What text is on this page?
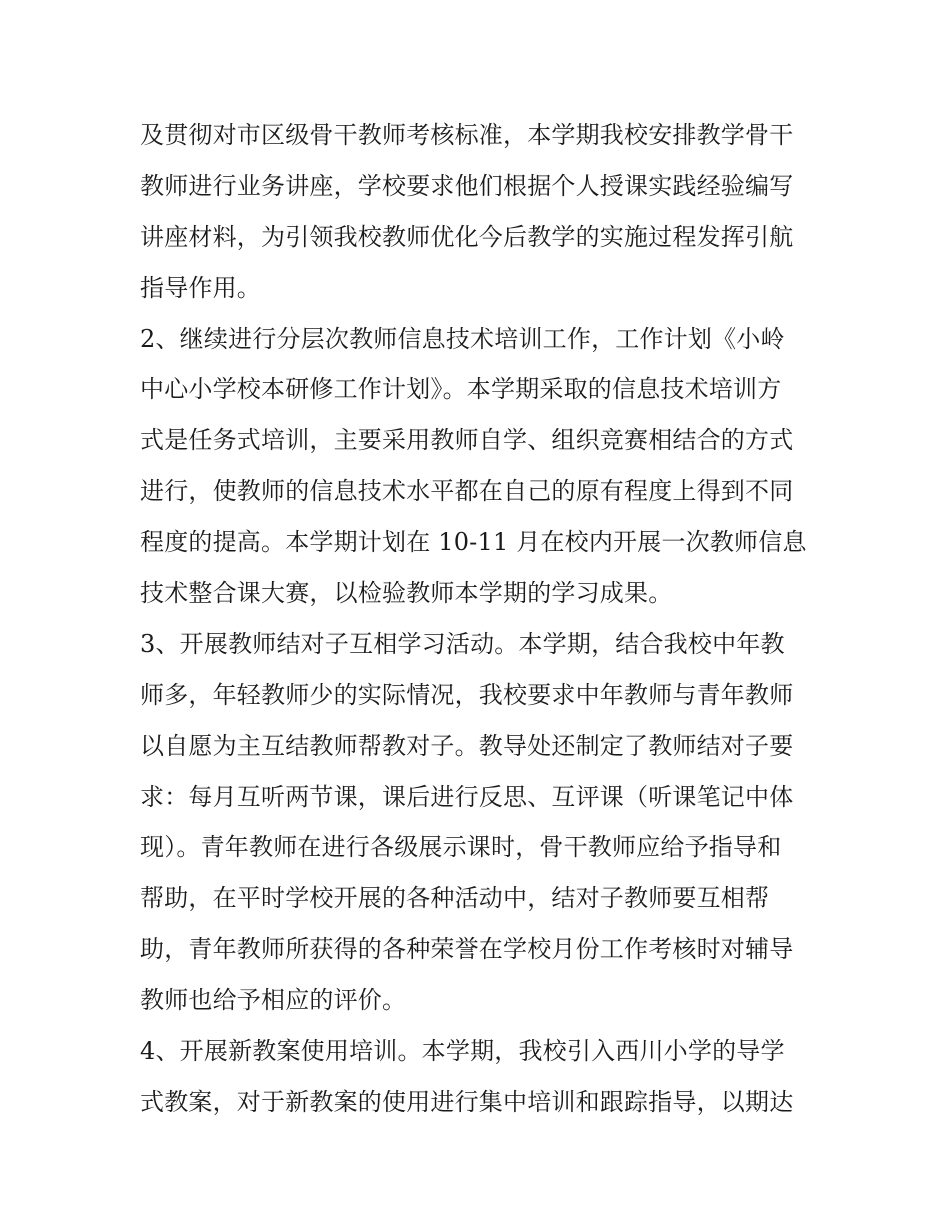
及贯彻对市区级骨干教师考核标准，本学期我校安排教学骨干
教师进行业务讲座，学校要求他们根据个人授课实践经验编写
讲座材料，为引领我校教师优化今后教学的实施过程发挥引航
指导作用。
2、继续进行分层次教师信息技术培训工作，工作计划《小岭
中心小学校本研修工作计划》。本学期采取的信息技术培训方
式是任务式培训，主要采用教师自学、组织竞赛相结合的方式
进行，使教师的信息技术水平都在自己的原有程度上得到不同
程度的提高。本学期计划在 10-11 月在校内开展一次教师信息
技术整合课大赛，以检验教师本学期的学习成果。
3、开展教师结对子互相学习活动。本学期，结合我校中年教
师多，年轻教师少的实际情况，我校要求中年教师与青年教师
以自愿为主互结教师帮教对子。教导处还制定了教师结对子要
求：每月互听两节课，课后进行反思、互评课（听课笔记中体
现）。青年教师在进行各级展示课时，骨干教师应给予指导和
帮助，在平时学校开展的各种活动中，结对子教师要互相帮
助，青年教师所获得的各种荣誉在学校月份工作考核时对辅导
教师也给予相应的评价。
4、开展新教案使用培训。本学期，我校引入西川小学的导学
式教案，对于新教案的使用进行集中培训和跟踪指导，以期达
